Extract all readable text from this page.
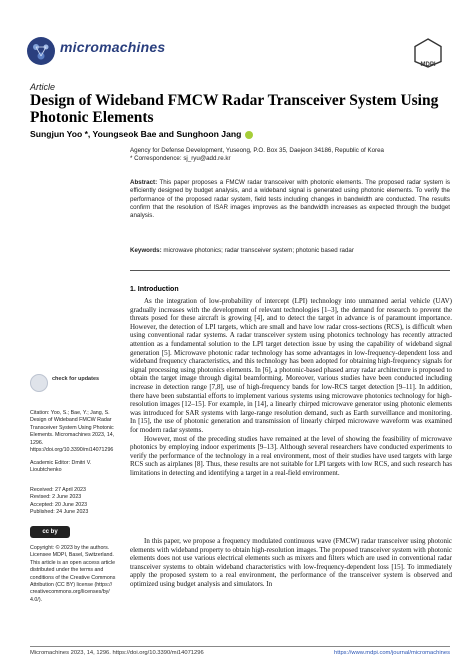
micromachines
MDPI
Article
Design of Wideband FMCW Radar Transceiver System Using Photonic Elements
Sungjun Yoo *, Youngseok Bae and Sunghoon Jang
Agency for Defense Development, Yuseong, P.O. Box 35, Daejeon 34186, Republic of Korea
* Correspondence: sj_ryu@add.re.kr
Abstract: This paper proposes a FMCW radar transceiver with photonic elements. The proposed radar system is efficiently designed by budget analysis, and a wideband signal is generated using photonic elements. To verify the performance of the proposed radar system, field tests including changes in bandwidth are conducted. The results confirm that the resolution of ISAR images improves as the bandwidth increases as expected through the budget analysis.
Keywords: microwave photonics; radar transceiver system; photonic based radar
1. Introduction
As the integration of low-probability of intercept (LPI) technology into unmanned aerial vehicle (UAV) gradually increases with the development of relevant technologies [1–3], the demand for research to prevent the threats posed for these aircraft is growing [4], and to detect the target in advance is of paramount importance. However, the detection of LPI targets, which are small and have low radar cross-sections (RCS), is difficult when using conventional radar systems. A radar transceiver system using photonics technology has recently attracted attention as a fundamental solution to the LPI target detection issue by using the capability of wideband signal generation [5]. Microwave photonic radar technology has some advantages in low-frequency-dependent loss and wideband frequency characteristics, and this technology has been adopted for obtaining high-frequency signals for signal processing using photonics elements. In [6], a photonic-based phased array radar architecture is proposed to obtain the target image through digital beamforming. Moreover, various studies have been conducted including increase in detection range [7,8], use of high-frequency bands for low-RCS target detection [9–11]. In addition, there have been substantial efforts to implement various systems using microwave photonics technology for high-resolution images [12–15]. For example, in [14], a linearly chirped microwave generator using photonic elements was introduced for SAR systems with large-range resolution demand, such as Earth surveillance and monitoring. In [15], the use of photonic generation and transmission of linearly chirped microwave waveform was examined for modern radar systems.
However, most of the preceding studies have remained at the level of showing the feasibility of microwave photonics by employing indoor experiments [9–13]. Although several researchers have conducted experiments to verify the performance of the technology in a real environment, most of their studies have used targets with large RCS such as airplanes [8]. Thus, these results are not suitable for LPI targets with low RCS, and such research has limitations in detecting and identifying a target in a real-field environment.
In this paper, we propose a frequency modulated continuous wave (FMCW) radar transceiver using photonic elements with wideband property to obtain high-resolution images. The proposed transceiver system with photonic elements does not use various electrical elements such as mixers and filters which are used in conventional radar transceiver systems to obtain wideband characteristics with low-frequency-dependent loss [15]. To immediately apply the proposed system to a real environment, the performance of the transceiver system is observed and optimized using budget analysis and simulators. In
check for updates
Citation: Yoo, S.; Bae, Y.; Jang, S. Design of Wideband FMCW Radar Transceiver System Using Photonic Elements. Micromachines 2023, 14, 1296. https://doi.org/10.3390/mi14071296
Academic Editor: Dmitri V. Lioubtchenko
Received: 27 April 2023
Revised: 2 June 2023
Accepted: 20 June 2023
Published: 24 June 2023
cc by
Copyright: © 2023 by the authors. Licensee MDPI, Basel, Switzerland. This article is an open access article distributed under the terms and conditions of the Creative Commons Attribution (CC BY) license (https:// creativecommons.org/licenses/by/ 4.0/).
Micromachines 2023, 14, 1296. https://doi.org/10.3390/mi14071296	https://www.mdpi.com/journal/micromachines
